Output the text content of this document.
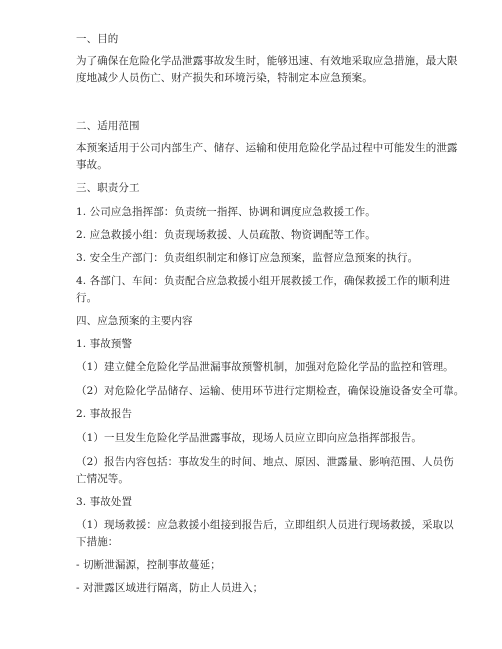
一、目的
为了确保在危险化学品泄露事故发生时，能够迅速、有效地采取应急措施，最大限
度地减少人员伤亡、财产损失和环境污染，特制定本应急预案。
二、适用范围
本预案适用于公司内部生产、储存、运输和使用危险化学品过程中可能发生的泄露
事故。
三、职责分工
1. 公司应急指挥部：负责统一指挥、协调和调度应急救援工作。
2. 应急救援小组：负责现场救援、人员疏散、物资调配等工作。
3. 安全生产部门：负责组织制定和修订应急预案，监督应急预案的执行。
4. 各部门、车间：负责配合应急救援小组开展救援工作，确保救援工作的顺利进
行。
四、应急预案的主要内容
1. 事故预警
（1）建立健全危险化学品泄漏事故预警机制，加强对危险化学品的监控和管理。
（2）对危险化学品储存、运输、使用环节进行定期检查，确保设施设备安全可靠。
2. 事故报告
（1）一旦发生危险化学品泄露事故，现场人员应立即向应急指挥部报告。
（2）报告内容包括：事故发生的时间、地点、原因、泄露量、影响范围、人员伤
亡情况等。
3. 事故处置
（1）现场救援：应急救援小组接到报告后，立即组织人员进行现场救援，采取以
下措施：
- 切断泄漏源，控制事故蔓延；
- 对泄露区域进行隔离，防止人员进入；
